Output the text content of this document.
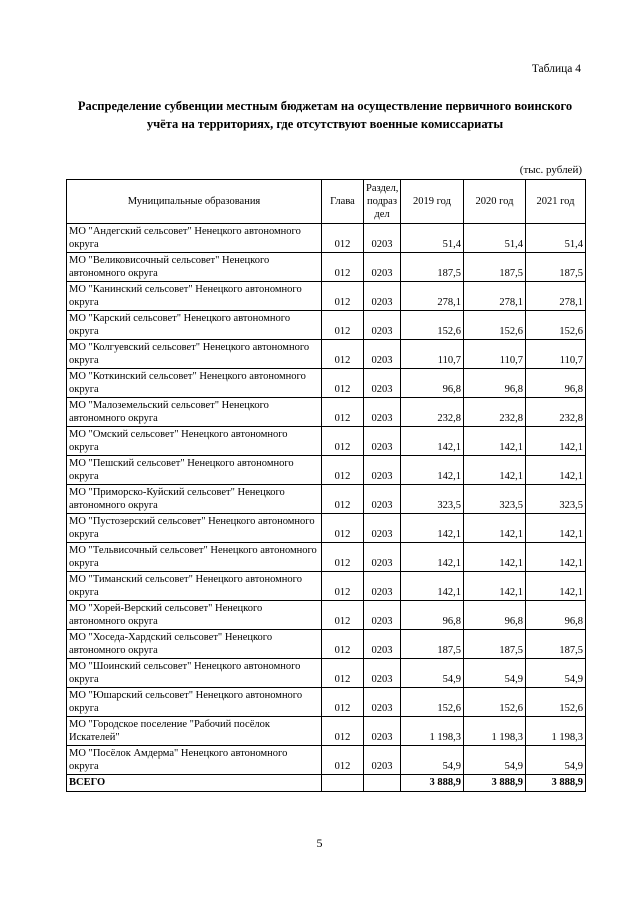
Таблица 4
Распределение субвенции местным бюджетам на осуществление первичного воинского
учёта на территориях, где отсутствуют военные комиссариаты
(тыс. рублей)
Муниципальные образования	Глава	Раздел, подраз дел	2019 год	2020 год	2021 год
МО "Андегский сельсовет" Ненецкого автономного округа	012	0203	51,4	51,4	51,4
МО "Великовисочный сельсовет" Ненецкого автономного округа	012	0203	187,5	187,5	187,5
МО "Канинский сельсовет" Ненецкого автономного округа	012	0203	278,1	278,1	278,1
МО "Карский сельсовет" Ненецкого автономного округа	012	0203	152,6	152,6	152,6
МО "Колгуевский сельсовет" Ненецкого автономного округа	012	0203	110,7	110,7	110,7
МО "Коткинский сельсовет" Ненецкого автономного округа	012	0203	96,8	96,8	96,8
МО "Малоземельский сельсовет" Ненецкого автономного округа	012	0203	232,8	232,8	232,8
МО "Омский сельсовет" Ненецкого автономного округа	012	0203	142,1	142,1	142,1
МО "Пешский сельсовет" Ненецкого автономного округа	012	0203	142,1	142,1	142,1
МО "Приморско-Куйский сельсовет" Ненецкого автономного округа	012	0203	323,5	323,5	323,5
МО "Пустозерский сельсовет" Ненецкого автономного округа	012	0203	142,1	142,1	142,1
МО "Тельвисочный сельсовет" Ненецкого автономного округа	012	0203	142,1	142,1	142,1
МО "Тиманский сельсовет" Ненецкого автономного округа	012	0203	142,1	142,1	142,1
МО "Хорей-Верский сельсовет" Ненецкого автономного округа	012	0203	96,8	96,8	96,8
МО "Хоседа-Хардский сельсовет" Ненецкого автономного округа	012	0203	187,5	187,5	187,5
МО "Шоинский сельсовет" Ненецкого автономного округа	012	0203	54,9	54,9	54,9
МО "Юшарский сельсовет" Ненецкого автономного округа	012	0203	152,6	152,6	152,6
МО "Городское поселение "Рабочий посёлок Искателей"	012	0203	1 198,3	1 198,3	1 198,3
МО "Посёлок Амдерма" Ненецкого автономного округа	012	0203	54,9	54,9	54,9
ВСЕГО			3 888,9	3 888,9	3 888,9
5
